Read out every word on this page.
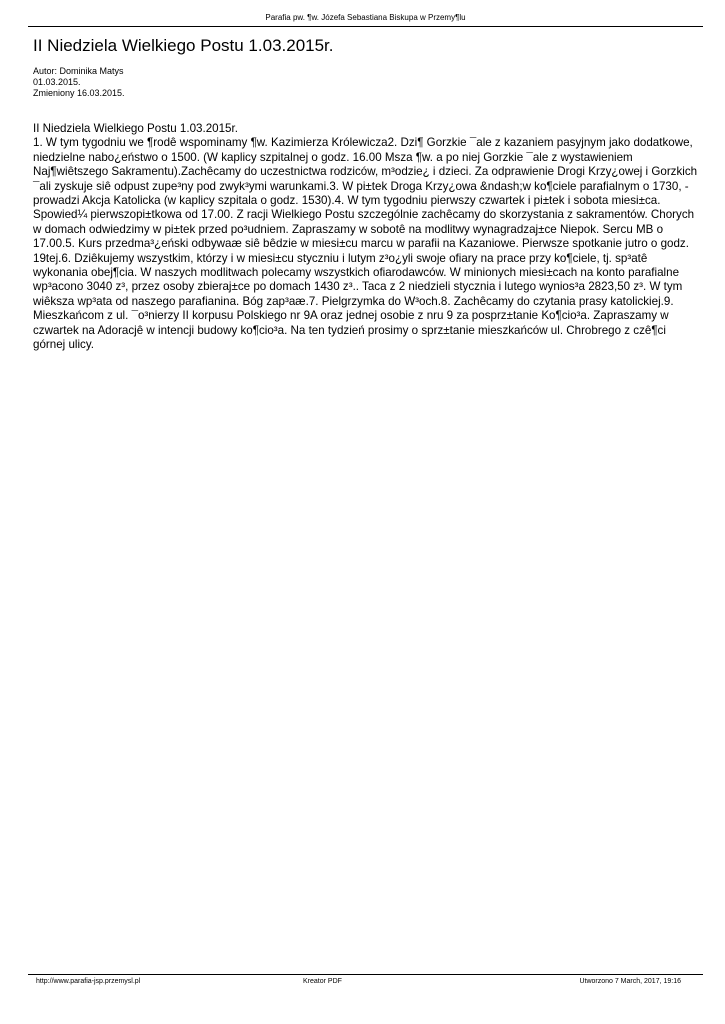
Parafia pw. ¶w. Józefa Sebastiana Biskupa w Przemy¶lu
II Niedziela Wielkiego Postu 1.03.2015r.
Autor: Dominika Matys
01.03.2015.
Zmieniony 16.03.2015.
II Niedziela Wielkiego Postu 1.03.2015r.
1. W tym tygodniu we ¶rodê wspominamy ¶w. Kazimierza Królewicza2. Dzi¶ Gorzkie ¯ale z kazaniem pasyjnym jako dodatkowe, niedzielne nabo¿eństwo o 1500. (W kaplicy szpitalnej o godz. 16.00 Msza ¶w. a po niej Gorzkie ¯ale z wystawieniem Naj¶wiêtszego Sakramentu).Zachêcamy do uczestnictwa rodziców, m³odzie¿ i dzieci. Za odprawienie Drogi Krzy¿owej i Gorzkich ¯ali zyskuje siê odpust zupe³ny pod zwyk³ymi warunkami.3. W pi±tek Droga Krzy¿owa &ndash;w ko¶ciele parafialnym o 1730, - prowadzi Akcja Katolicka (w kaplicy szpitala o godz. 1530).4. W tym tygodniu pierwszy czwartek i pi±tek i sobota miesi±ca. Spowied¼ pierwszopi±tkowa od 17.00. Z racji Wielkiego Postu szczególnie zachêcamy do skorzystania z sakramentów. Chorych w domach odwiedzimy w pi±tek przed po³udniem. Zapraszamy w sobotê na modlitwy wynagradzaj±ce Niepok. Sercu MB o 17.00.5. Kurs przedma³¿eński odbywaæ siê bêdzie w miesi±cu marcu w parafii na Kazaniowe. Pierwsze spotkanie jutro o godz. 19tej.6. Dziêkujemy wszystkim, którzy i w miesi±cu styczniu i lutym z³o¿yli swoje ofiary na prace przy ko¶ciele, tj. sp³atê wykonania obej¶cia. W naszych modlitwach polecamy wszystkich ofiarodawców. W minionych miesi±cach na konto parafialne wp³acono 3040 z³, przez osoby zbieraj±ce po domach 1430 z³.. Taca z 2 niedzieli stycznia i lutego wynios³a 2823,50 z³. W tym wiêksza wp³ata od naszego parafianina. Bóg zap³aæ.7. Pielgrzymka do W³och.8. Zachêcamy do czytania prasy katolickiej.9. Mieszkańcom z ul. ¯o³nierzy II korpusu Polskiego nr 9A oraz jednej osobie z nru 9 za posprz±tanie Ko¶cio³a. Zapraszamy w czwartek na Adoracjê w intencji budowy ko¶cio³a. Na ten tydzień prosimy o sprz±tanie mieszkańców ul. Chrobrego z czê¶ci górnej ulicy.
http://www.parafia-jsp.przemysl.pl	Kreator PDF	Utworzono 7 March, 2017, 19:16
